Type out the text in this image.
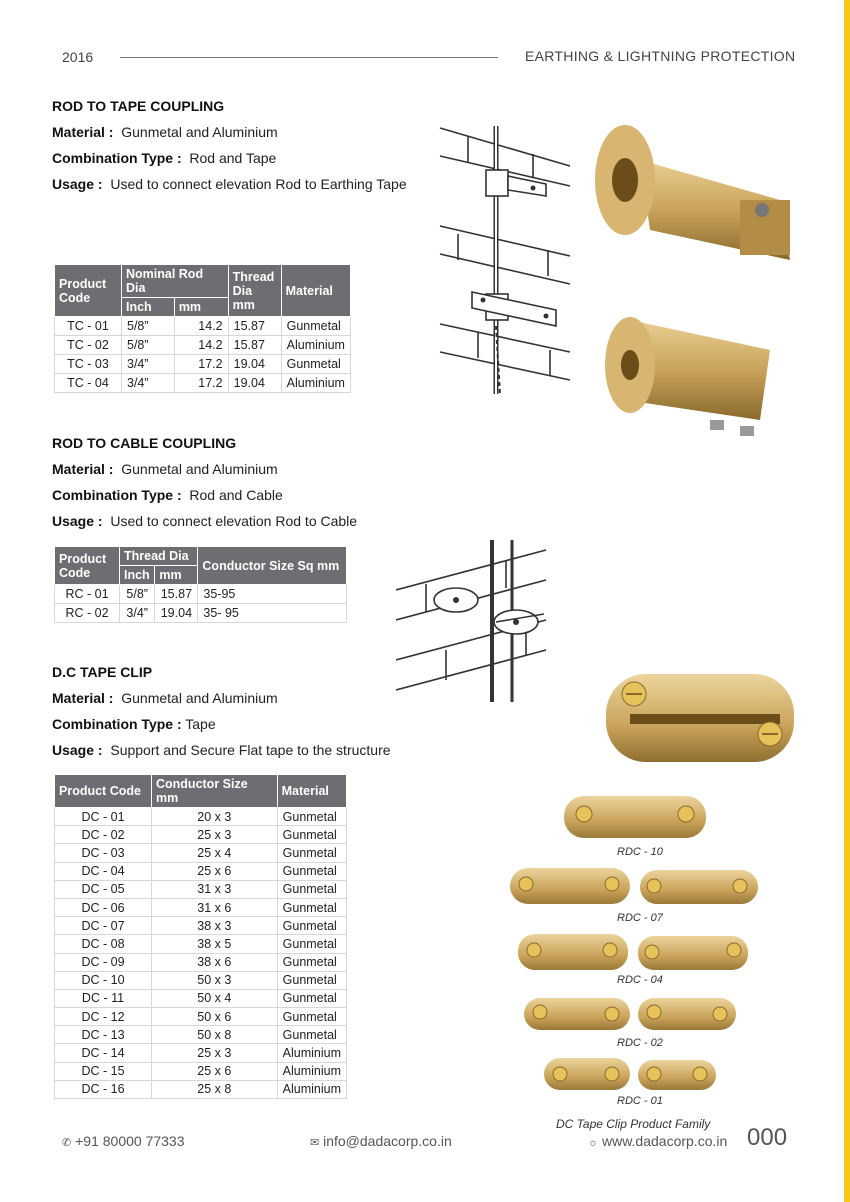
2016	EARTHING & LIGHTNING PROTECTION
ROD TO TAPE COUPLING
Material : Gunmetal and Aluminium
Combination Type : Rod and Tape
Usage : Used to connect elevation Rod to Earthing Tape
Product Code	Nominal Rod Dia		Thread Dia mm	Material
	Inch	mm		
TC - 01	5/8”	14.2	15.87	Gunmetal
TC - 02	5/8”	14.2	15.87	Aluminium
TC - 03	3/4”	17.2	19.04	Gunmetal
TC - 04	3/4”	17.2	19.04	Aluminium
ROD TO CABLE COUPLING
Material : Gunmetal and Aluminium
Combination Type : Rod and Cable
Usage : Used to connect elevation Rod to Cable
Product Code	Thread Dia		Conductor Size Sq mm
	Inch	mm	
RC - 01	5/8”	15.87	35-95
RC - 02	3/4”	19.04	35- 95
D.C TAPE CLIP
Material : Gunmetal and Aluminium
Combination Type : Tape
Usage : Support and Secure Flat tape to the structure
Product Code	Conductor Size mm	Material
DC - 01	20 x 3	Gunmetal
DC - 02	25 x 3	Gunmetal
DC - 03	25 x 4	Gunmetal
DC - 04	25 x 6	Gunmetal
DC - 05	31 x 3	Gunmetal
DC - 06	31 x 6	Gunmetal
DC - 07	38 x 3	Gunmetal
DC - 08	38 x 5	Gunmetal
DC - 09	38 x 6	Gunmetal
DC - 10	50 x 3	Gunmetal
DC - 11	50 x 4	Gunmetal
DC - 12	50 x 6	Gunmetal
DC - 13	50 x 8	Gunmetal
DC - 14	25 x 3	Aluminium
DC - 15	25 x 6	Aluminium
DC - 16	25 x 8	Aluminium
RDC - 10
RDC - 07
RDC - 04
RDC - 02
RDC - 01
DC Tape Clip Product Family
✆ +91 80000 77333	✉ info@dadacorp.co.in	☼ www.dadacorp.co.in 000
